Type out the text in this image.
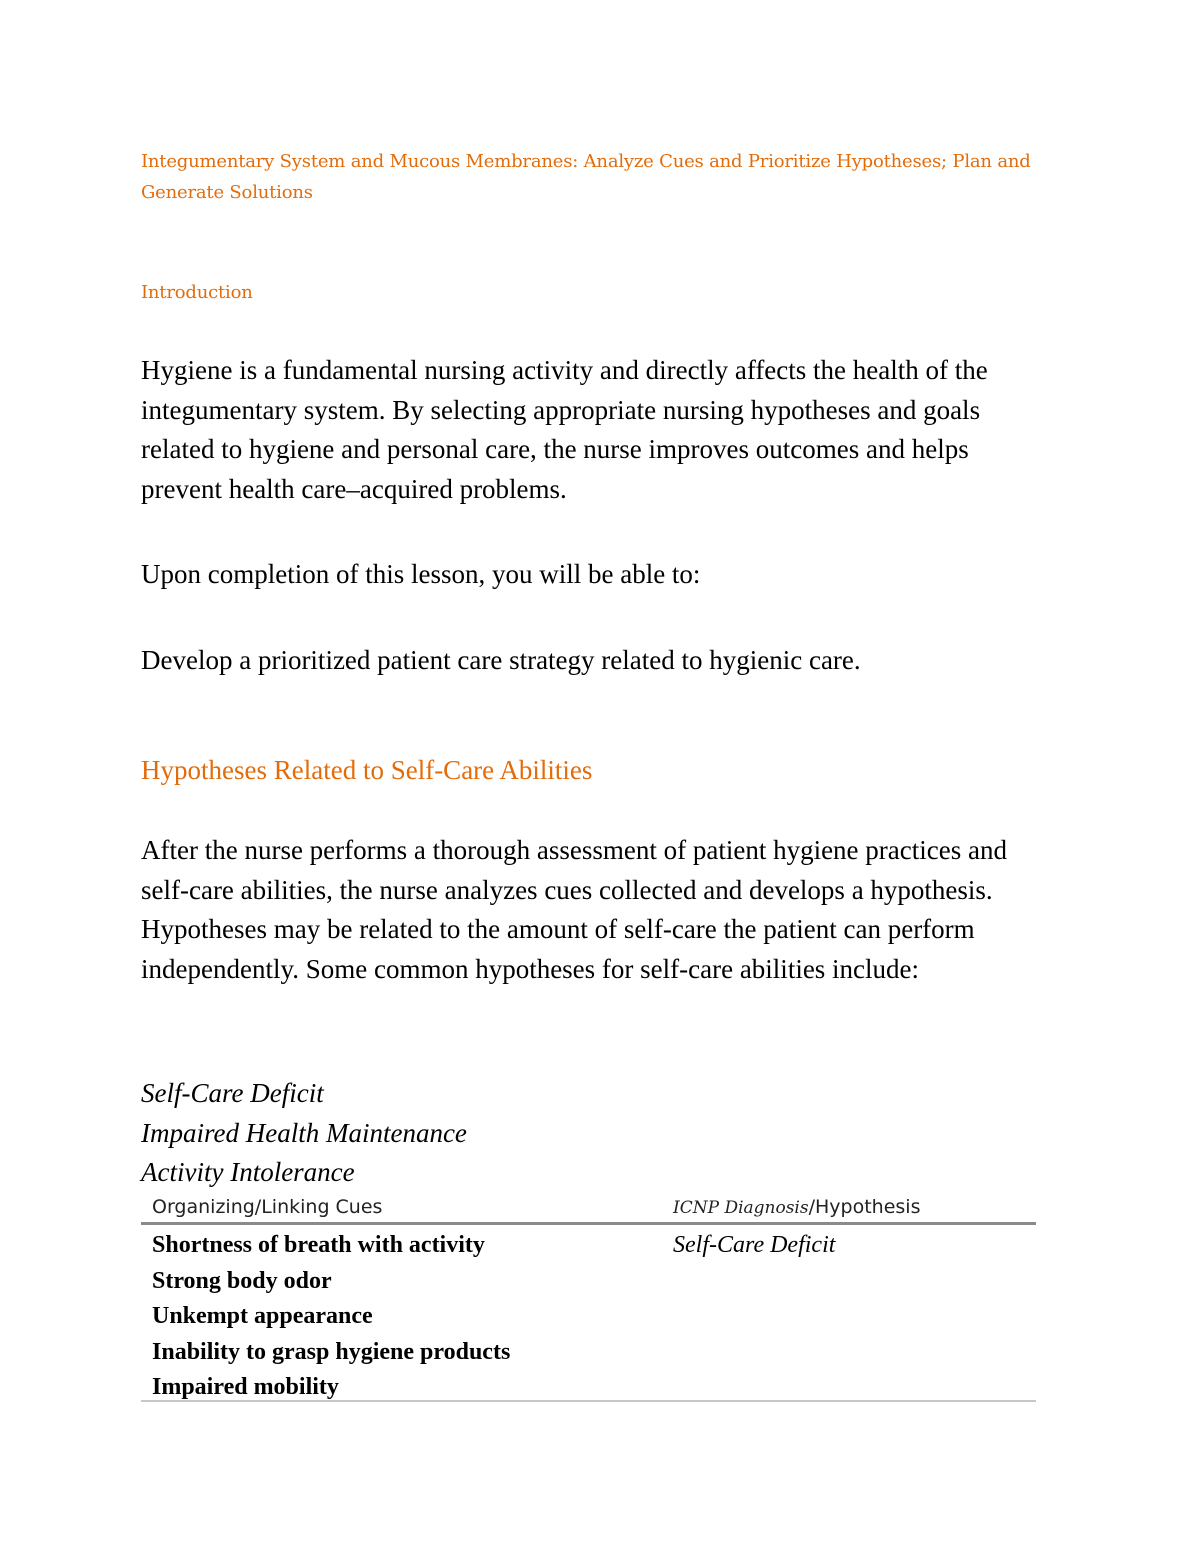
Integumentary System and Mucous Membranes: Analyze Cues and Prioritize Hypotheses; Plan and Generate Solutions
Introduction

Hygiene is a fundamental nursing activity and directly affects the health of the integumentary system. By selecting appropriate nursing hypotheses and goals related to hygiene and personal care, the nurse improves outcomes and helps prevent health care–acquired problems.

Upon completion of this lesson, you will be able to:

Develop a prioritized patient care strategy related to hygienic care.

Hypotheses Related to Self-Care Abilities

After the nurse performs a thorough assessment of patient hygiene practices and self-care abilities, the nurse analyzes cues collected and develops a hypothesis. Hypotheses may be related to the amount of self-care the patient can perform independently. Some common hypotheses for self-care abilities include:

Self-Care Deficit
Impaired Health Maintenance
Activity Intolerance
Organizing/Linking Cues	ICNP Diagnosis/Hypothesis
Shortness of breath with activity
Strong body odor
Unkempt appearance
Inability to grasp hygiene products
Impaired mobility
Self-Care Deficit
